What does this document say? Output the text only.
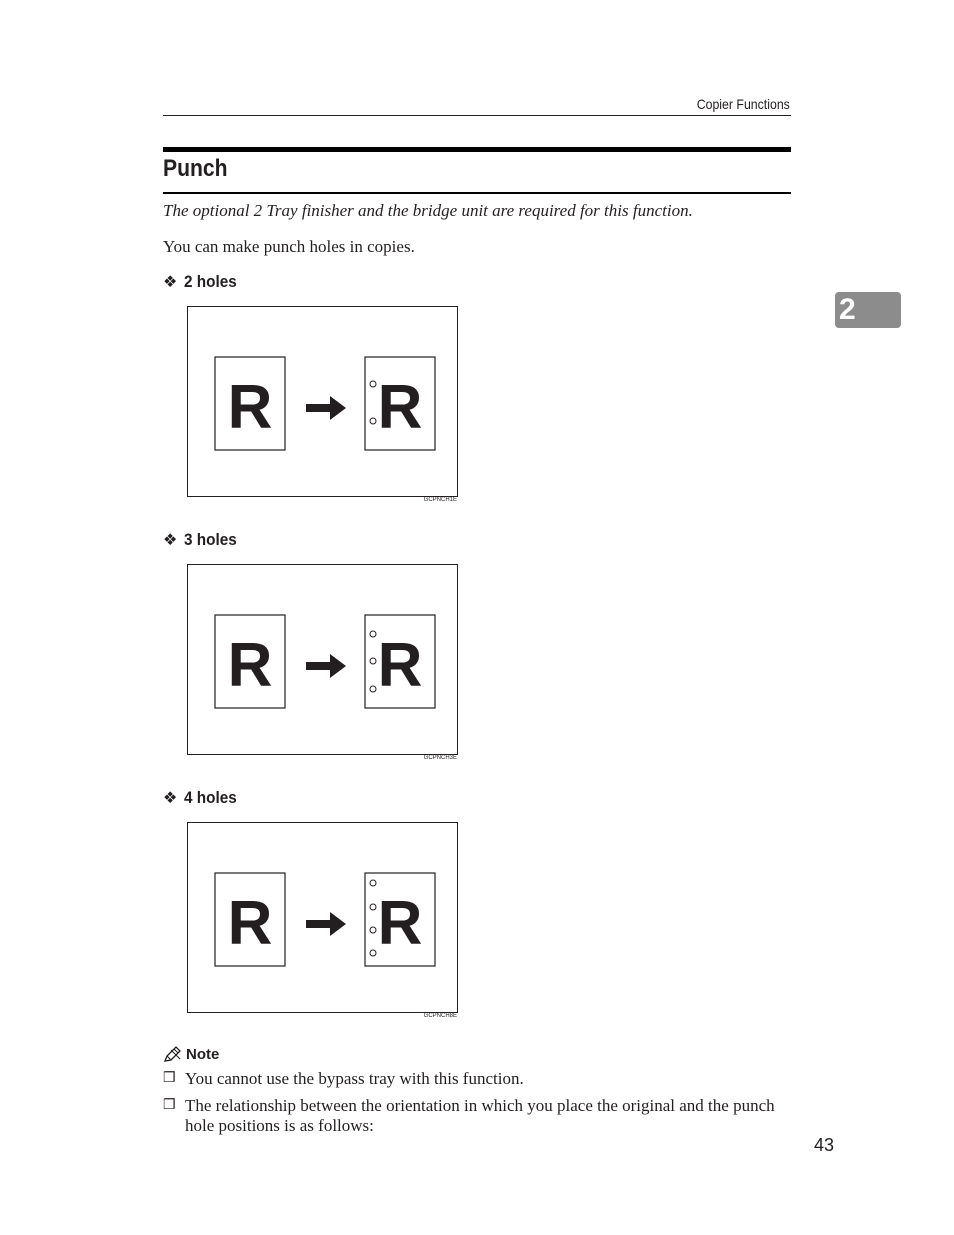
Copier Functions
Punch
The optional 2 Tray finisher and the bridge unit are required for this function.
You can make punch holes in copies.
2
❖ 2 holes
R R
GCPNCH1E
❖ 3 holes
R R
GCPNCH3E
❖ 4 holes
R R
GCPNCH8E
Note
❒ You cannot use the bypass tray with this function.
❒ The relationship between the orientation in which you place the original and the punch hole positions is as follows:
43
